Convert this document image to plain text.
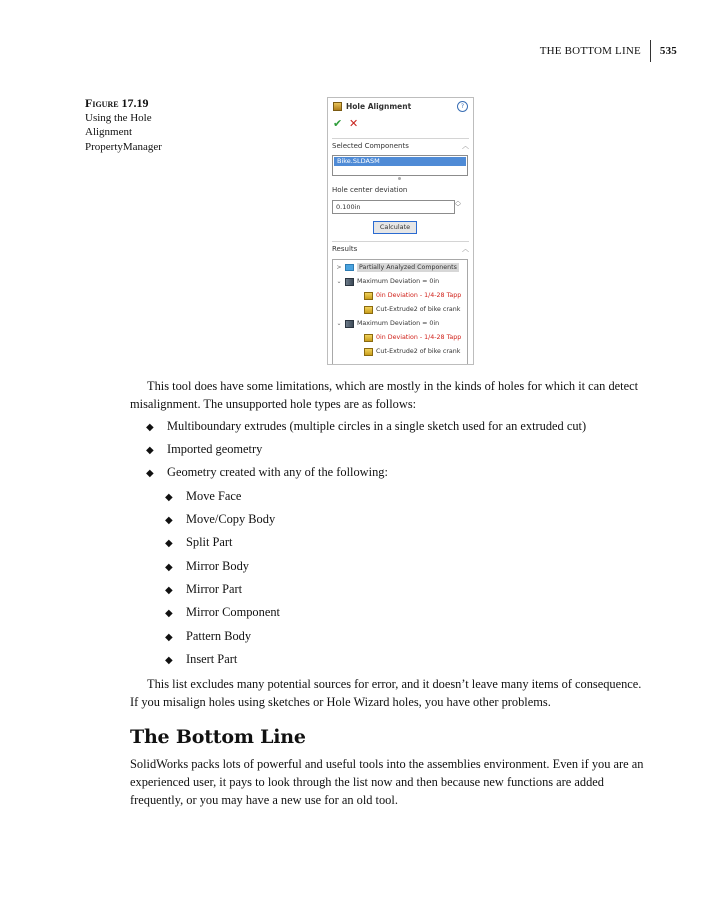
THE BOTTOM LINE	535
Figure 17.19
Using the Hole Alignment PropertyManager
Hole Alignment	?
✔ ✕
Selected Components	︿
Bike.SLDASM
Hole center deviation
0.100in
︿
﹀
Calculate
Results	︿
>	Partially Analyzed Components
⌄ Maximum Deviation = 0in
0in Deviation - 1/4-28 Tapp
Cut-Extrude2 of bike crank
⌄ Maximum Deviation = 0in
0in Deviation - 1/4-28 Tapp
Cut-Extrude2 of bike crank

This tool does have some limitations, which are mostly in the kinds of holes for which it can detect misalignment. The unsupported hole types are as follows:

◆ Multiboundary extrudes (multiple circles in a single sketch used for an extruded cut)
◆ Imported geometry
◆ Geometry created with any of the following:
◆ Move Face
◆ Move/Copy Body
◆ Split Part
◆ Mirror Body
◆ Mirror Part
◆ Mirror Component
◆ Pattern Body
◆ Insert Part

This list excludes many potential sources for error, and it doesn’t leave many items of consequence. If you misalign holes using sketches or Hole Wizard holes, you have other problems.

The Bottom Line

SolidWorks packs lots of powerful and useful tools into the assemblies environment. Even if you are an experienced user, it pays to look through the list now and then because new functions are added frequently, or you may have a new use for an old tool.
